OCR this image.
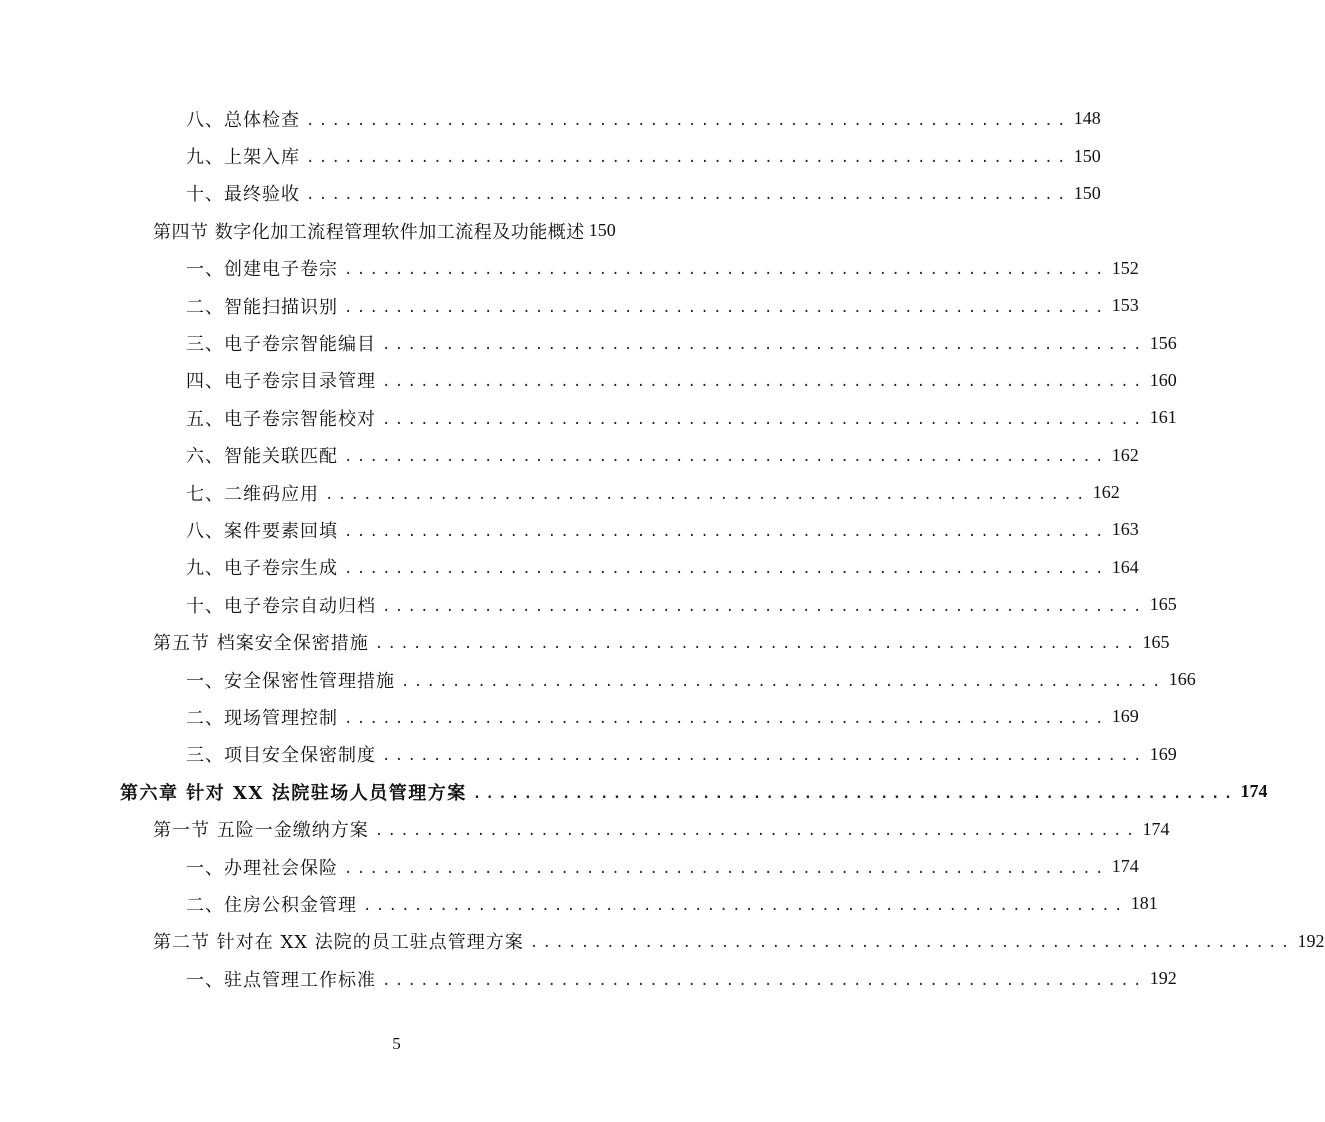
八、总体检查 ............................................................ 148
九、上架入库 ............................................................ 150
十、最终验收 ............................................................ 150
第四节 数字化加工流程管理软件加工流程及功能概述 150
一、创建电子卷宗 ............................................................ 152
二、智能扫描识别 ............................................................ 153
三、电子卷宗智能编目 ............................................................ 156
四、电子卷宗目录管理 ............................................................ 160
五、电子卷宗智能校对 ............................................................ 161
六、智能关联匹配 ............................................................ 162
七、二维码应用 ............................................................ 162
八、案件要素回填 ............................................................ 163
九、电子卷宗生成 ............................................................ 164
十、电子卷宗自动归档 ............................................................ 165
第五节 档案安全保密措施 ............................................................ 165
一、安全保密性管理措施 ............................................................ 166
二、现场管理控制 ............................................................ 169
三、项目安全保密制度 ............................................................ 169
第六章 针对 XX 法院驻场人员管理方案 ............................................................ 174
第一节 五险一金缴纳方案 ............................................................ 174
一、办理社会保险 ............................................................ 174
二、住房公积金管理 ............................................................ 181
第二节 针对在 XX 法院的员工驻点管理方案 ............................................................ 192
一、驻点管理工作标准 ............................................................ 192
5
